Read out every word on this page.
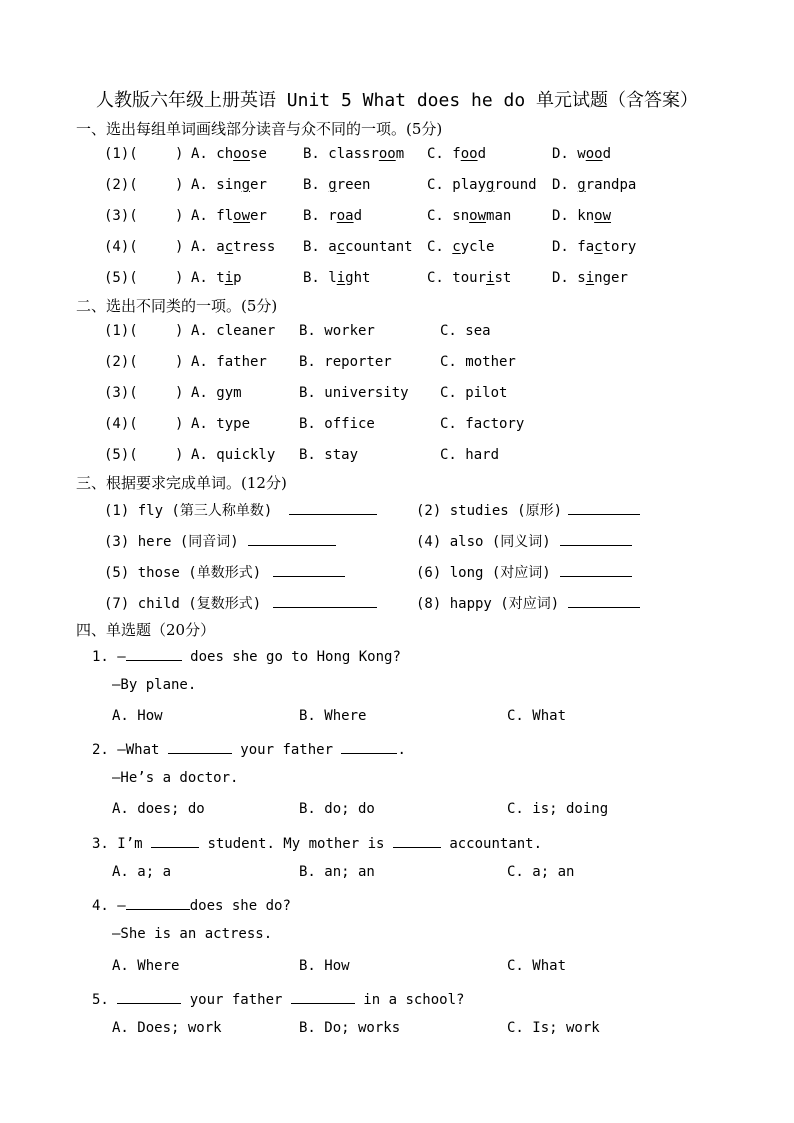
人教版六年级上册英语 Unit 5 What does he do 单元试题（含答案）
一、选出每组单词画线部分读音与众不同的一项。(5分)
(1)(	) A. choose	B. classroom C. food	D. wood
(2)(	) A. singer	B. green	C. playground D. grandpa
(3)(	) A. flower	B. road	C. snowman	D. know
(4)(	) A. actress B. accountant C. cycle	D. factory
(5)(	) A. tip	B. light	C. tourist	D. singer
二、选出不同类的一项。(5分)
(1)(	) A. cleaner B. worker	C. sea
(2)(	) A. father B. reporter	C. mother
(3)(	) A. gym	B. university C. pilot
(4)(	) A. type	B. office	C. factory
(5)(	) A. quickly B. stay	C. hard
三、根据要求完成单词。(12分)
(1) fly (第三人称单数)	(2) studies (原形)
(3) here (同音词)	(4) also (同义词)
(5) those (单数形式)	(6) long (对应词)
(7) child (复数形式)	(8) happy (对应词)
四、单选题（20分）
1. —	does she go to Hong Kong?
—By plane.
A. How	B. Where	C. What
2. —What	your father	.
—He’s a doctor.
A. does; do	B. do; do	C. is; doing
3. I’m	student. My mother is	accountant.
A. a; a	B. an; an	C. a; an
4. —	does she do?
—She is an actress.
A. Where	B. How	C. What
5.	your father	in a school?
A. Does; work	B. Do; works	C. Is; work
